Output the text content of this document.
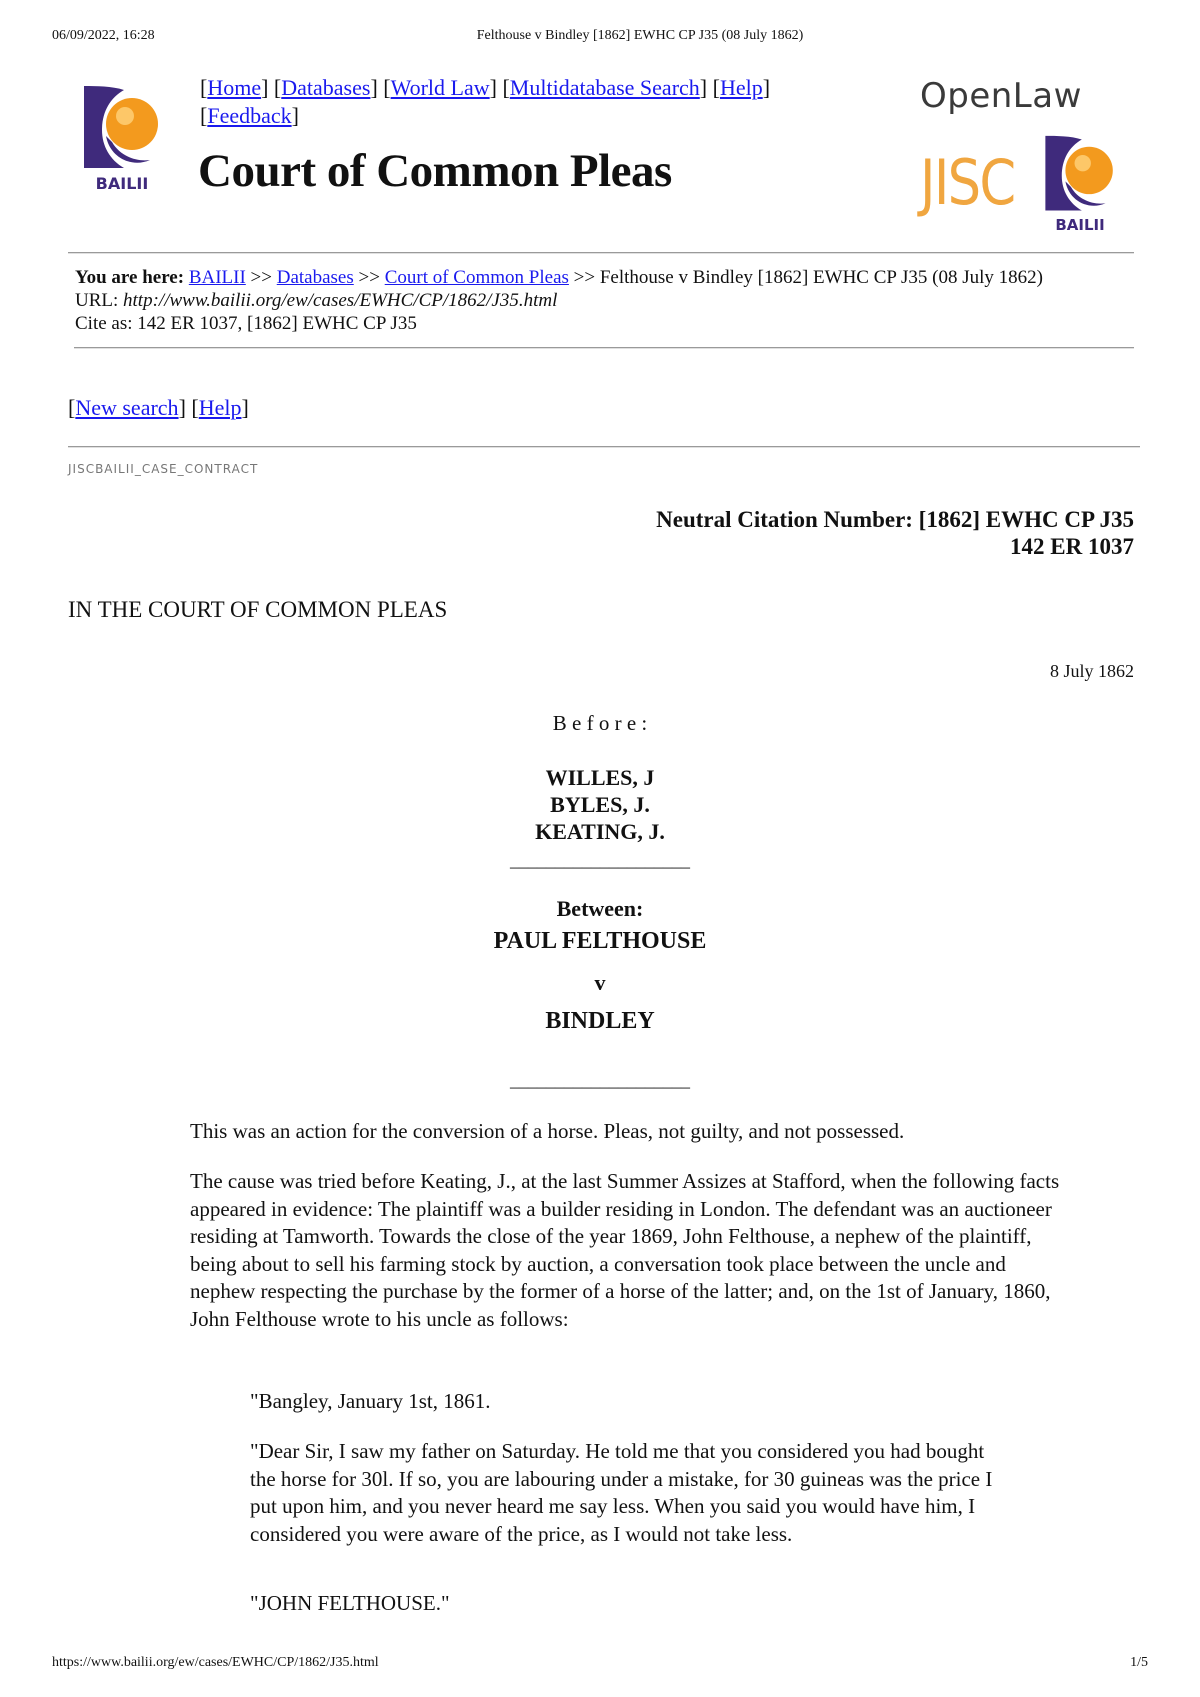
06/09/2022, 16:28	Felthouse v Bindley [1862] EWHC CP J35 (08 July 1862)
BAILII
[Home] [Databases] [World Law] [Multidatabase Search] [Help]
[Feedback]
Court of Common Pleas
OpenLaw
JISC
BAILII
You are here: BAILII >> Databases >> Court of Common Pleas >> Felthouse v Bindley [1862] EWHC CP J35 (08 July 1862)
URL: http://www.bailii.org/ew/cases/EWHC/CP/1862/J35.html
Cite as: 142 ER 1037, [1862] EWHC CP J35
[New search] [Help]
JISCBAILII_CASE_CONTRACT
Neutral Citation Number: [1862] EWHC CP J35
142 ER 1037
IN THE COURT OF COMMON PLEAS
8 July 1862
B e f o r e :
WILLES, J
BYLES, J.
KEATING, J.
____________________
Between:
PAUL FELTHOUSE
v
BINDLEY
____________________
This was an action for the conversion of a horse. Pleas, not guilty, and not possessed.
The cause was tried before Keating, J., at the last Summer Assizes at Stafford, when the following facts appeared in evidence: The plaintiff was a builder residing in London. The defendant was an auctioneer residing at Tamworth. Towards the close of the year 1869, John Felthouse, a nephew of the plaintiff, being about to sell his farming stock by auction, a conversation took place between the uncle and nephew respecting the purchase by the former of a horse of the latter; and, on the 1st of January, 1860, John Felthouse wrote to his uncle as follows:
"Bangley, January 1st, 1861.
"Dear Sir, I saw my father on Saturday. He told me that you considered you had bought the horse for 30l. If so, you are labouring under a mistake, for 30 guineas was the price I put upon him, and you never heard me say less. When you said you would have him, I considered you were aware of the price, as I would not take less.
"JOHN FELTHOUSE."
https://www.bailii.org/ew/cases/EWHC/CP/1862/J35.html	1/5
